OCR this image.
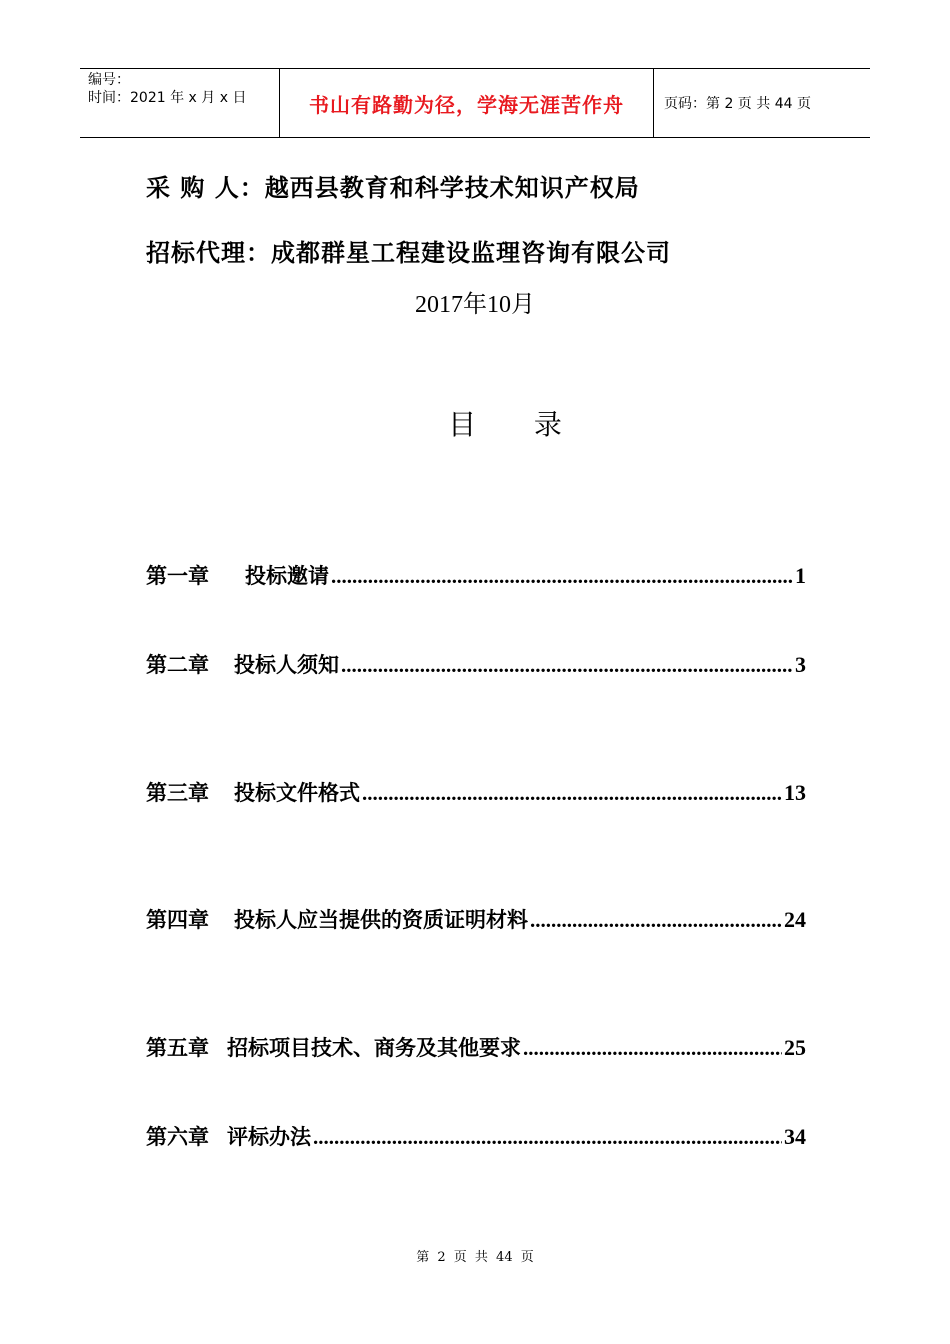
编号：
时间：2021 年 x 月 x 日	书山有路勤为径，学海无涯苦作舟	页码：第 2 页 共 44 页
采 购 人：越西县教育和科学技术知识产权局
招标代理：成都群星工程建设监理咨询有限公司
2017年10月
目 录
第一章 投标邀请 .....	1
第二章 投标人须知 .....	3
第三章 投标文件格式 .....	13
第四章 投标人应当提供的资质证明材料 .....	24
第五章 招标项目技术、商务及其他要求 .....	25
第六章 评标办法 .....	34
第 2 页 共 44 页
